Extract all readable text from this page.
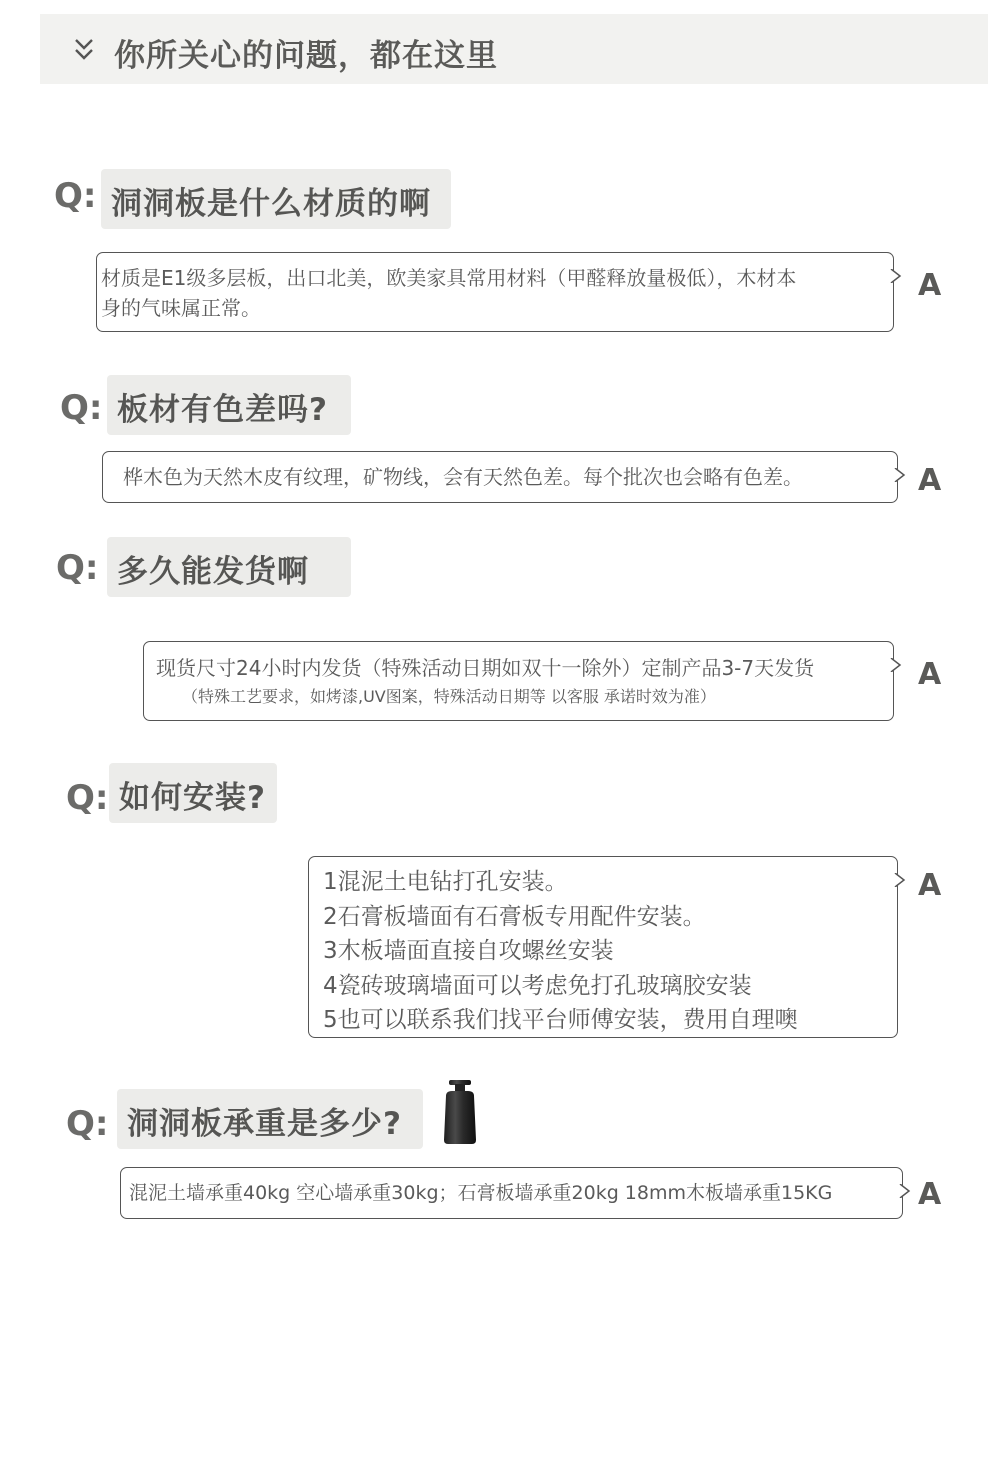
你所关心的问题，都在这里
Q: 洞洞板是什么材质的啊
材质是E1级多层板，出口北美，欧美家具常用材料（甲醛释放量极低），木材本
身的气味属正常。
A
Q: 板材有色差吗?
桦木色为天然木皮有纹理，矿物线，会有天然色差。每个批次也会略有色差。	A
Q: 多久能发货啊
现货尺寸24小时内发货（特殊活动日期如双十一除外）定制产品3-7天发货
（特殊工艺要求，如烤漆,UV图案，特殊活动日期等 以客服 承诺时效为准）
A
Q: 如何安装?
1混泥土电钻打孔安装。
2石膏板墙面有石膏板专用配件安装。
3木板墙面直接自攻螺丝安装
4瓷砖玻璃墙面可以考虑免打孔玻璃胶安装
5也可以联系我们找平台师傅安装，费用自理噢
A
Q: 洞洞板承重是多少?
混泥土墙承重40kg 空心墙承重30kg；石膏板墙承重20kg 18mm木板墙承重15KG	A
